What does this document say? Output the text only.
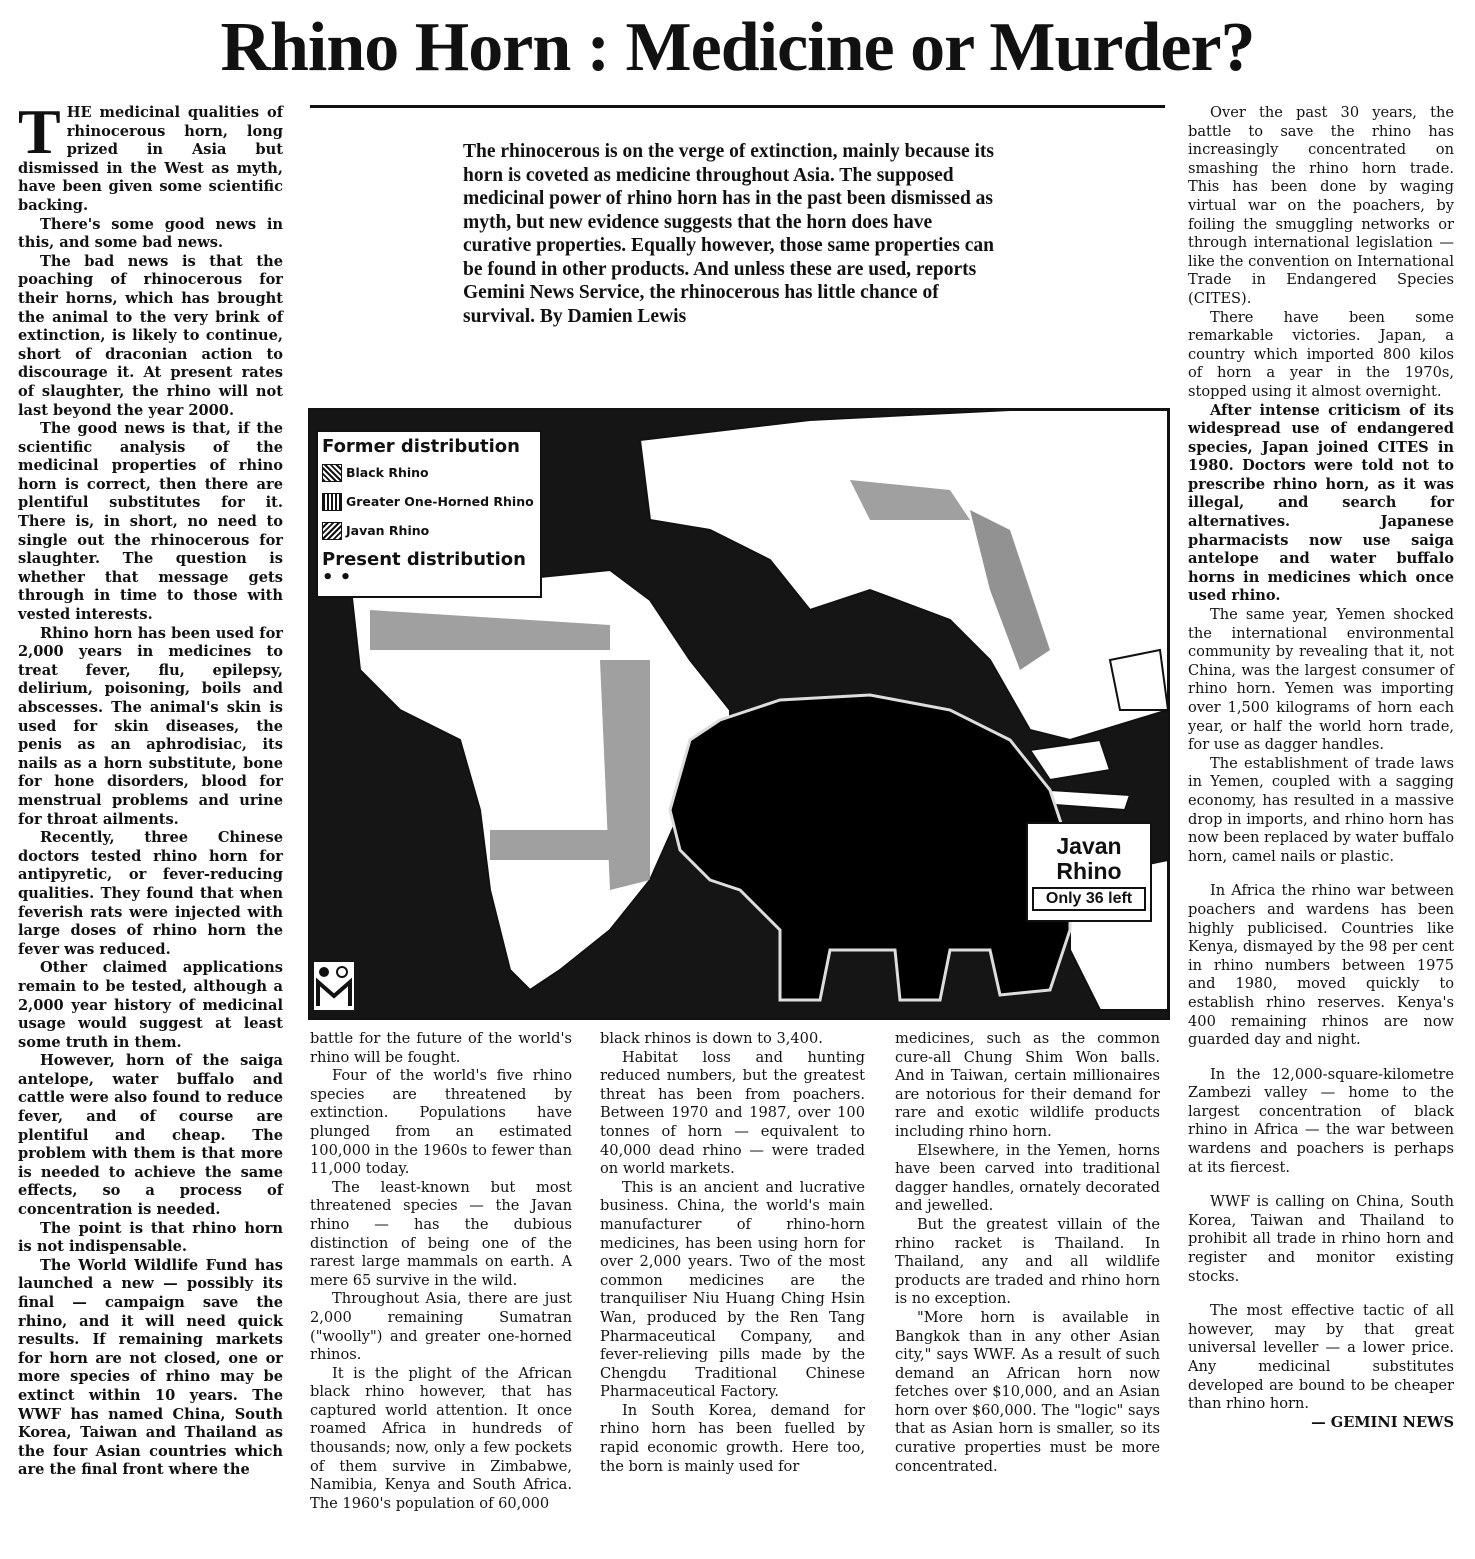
Rhino Horn : Medicine or Murder?
The rhinocerous is on the verge of extinction, mainly because its horn is coveted as medicine throughout Asia. The supposed medicinal power of rhino horn has in the past been dismissed as myth, but new evidence suggests that the horn does have curative properties. Equally however, those same properties can be found in other products. And unless these are used, reports Gemini News Service, the rhinocerous has little chance of survival. By Damien Lewis

THE medicinal qualities of rhinocerous horn, long prized in Asia but dismissed in the West as myth, have been given some scientific backing.

There's some good news in this, and some bad news.

The bad news is that the poaching of rhinocerous for their horns, which has brought the animal to the very brink of extinction, is likely to continue, short of draconian action to discourage it. At present rates of slaughter, the rhino will not last beyond the year 2000.

The good news is that, if the scientific analysis of the medicinal properties of rhino horn is correct, then there are plentiful substitutes for it. There is, in short, no need to single out the rhinocerous for slaughter. The question is whether that message gets through in time to those with vested interests.

Rhino horn has been used for 2,000 years in medicines to treat fever, flu, epilepsy, delirium, poisoning, boils and abscesses. The animal's skin is used for skin diseases, the penis as an aphrodisiac, its nails as a horn substitute, bone for hone disorders, blood for menstrual problems and urine for throat ailments.

Recently, three Chinese doctors tested rhino horn for antipyretic, or fever-reducing qualities. They found that when feverish rats were injected with large doses of rhino horn the fever was reduced.

Other claimed applications remain to be tested, although a 2,000 year history of medicinal usage would suggest at least some truth in them.

However, horn of the saiga antelope, water buffalo and cattle were also found to reduce fever, and of course are plentiful and cheap. The problem with them is that more is needed to achieve the same effects, so a process of concentration is needed.

The point is that rhino horn is not indispensable.

The World Wildlife Fund has launched a new — possibly its final — campaign save the rhino, and it will need quick results. If remaining markets for horn are not closed, one or more species of rhino may be extinct within 10 years. The WWF has named China, South Korea, Taiwan and Thailand as the four Asian countries which are the final front where the

Former distribution
Black Rhino
Greater One-Horned Rhino
Javan Rhino
Present distribution
• •
Javan
Rhino
Only 36 left

battle for the future of the world's rhino will be fought.

Four of the world's five rhino species are threatened by extinction. Populations have plunged from an estimated 100,000 in the 1960s to fewer than 11,000 today.

The least-known but most threatened species — the Javan rhino — has the dubious distinction of being one of the rarest large mammals on earth. A mere 65 survive in the wild.

Throughout Asia, there are just 2,000 remaining Sumatran ("woolly") and greater one-horned rhinos.

It is the plight of the African black rhino however, that has captured world attention. It once roamed Africa in hundreds of thousands; now, only a few pockets of them survive in Zimbabwe, Namibia, Kenya and South Africa. The 1960's population of 60,000

black rhinos is down to 3,400.

Habitat loss and hunting reduced numbers, but the greatest threat has been from poachers. Between 1970 and 1987, over 100 tonnes of horn — equivalent to 40,000 dead rhino — were traded on world markets.

This is an ancient and lucrative business. China, the world's main manufacturer of rhino-horn medicines, has been using horn for over 2,000 years. Two of the most common medicines are the tranquiliser Niu Huang Ching Hsin Wan, produced by the Ren Tang Pharmaceutical Company, and fever-relieving pills made by the Chengdu Traditional Chinese Pharmaceutical Factory.

In South Korea, demand for rhino horn has been fuelled by rapid economic growth. Here too, the born is mainly used for

medicines, such as the common cure-all Chung Shim Won balls. And in Taiwan, certain millionaires are notorious for their demand for rare and exotic wildlife products including rhino horn.

Elsewhere, in the Yemen, horns have been carved into traditional dagger handles, ornately decorated and jewelled.

But the greatest villain of the rhino racket is Thailand. In Thailand, any and all wildlife products are traded and rhino horn is no exception.

"More horn is available in Bangkok than in any other Asian city," says WWF. As a result of such demand an African horn now fetches over $10,000, and an Asian horn over $60,000. The "logic" says that as Asian horn is smaller, so its curative properties must be more concentrated.

Over the past 30 years, the battle to save the rhino has increasingly concentrated on smashing the rhino horn trade. This has been done by waging virtual war on the poachers, by foiling the smuggling networks or through international legislation — like the convention on International Trade in Endangered Species (CITES).

There have been some remarkable victories. Japan, a country which imported 800 kilos of horn a year in the 1970s, stopped using it almost overnight.

After intense criticism of its widespread use of endangered species, Japan joined CITES in 1980. Doctors were told not to prescribe rhino horn, as it was illegal, and search for alternatives. Japanese pharmacists now use saiga antelope and water buffalo horns in medicines which once used rhino.

The same year, Yemen shocked the international environmental community by revealing that it, not China, was the largest consumer of rhino horn. Yemen was importing over 1,500 kilograms of horn each year, or half the world horn trade, for use as dagger handles.

The establishment of trade laws in Yemen, coupled with a sagging economy, has resulted in a massive drop in imports, and rhino horn has now been replaced by water buffalo horn, camel nails or plastic.

In Africa the rhino war between poachers and wardens has been highly publicised. Countries like Kenya, dismayed by the 98 per cent in rhino numbers between 1975 and 1980, moved quickly to establish rhino reserves. Kenya's 400 remaining rhinos are now guarded day and night.

In the 12,000-square-kilometre Zambezi valley — home to the largest concentration of black rhino in Africa — the war between wardens and poachers is perhaps at its fiercest.

WWF is calling on China, South Korea, Taiwan and Thailand to prohibit all trade in rhino horn and register and monitor existing stocks.

The most effective tactic of all however, may by that great universal leveller — a lower price. Any medicinal substitutes developed are bound to be cheaper than rhino horn.

— GEMINI NEWS
